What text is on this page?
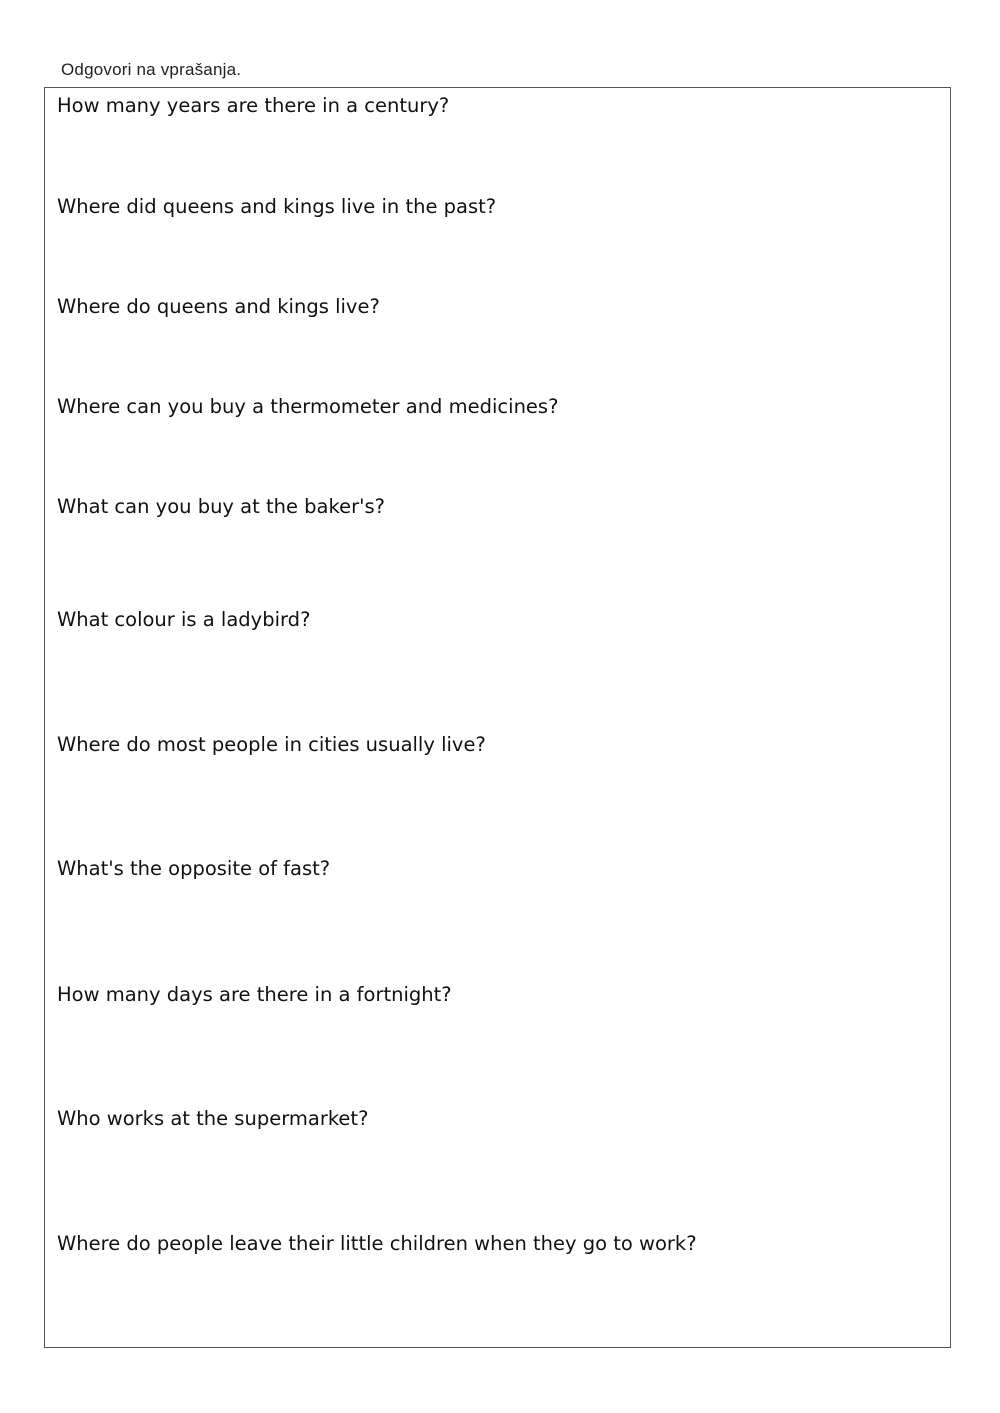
Odgovori na vprašanja.
How many years are there in a century?
Where did queens and kings live in the past?
Where do queens and kings live?
Where can you buy a thermometer and medicines?
What can you buy at the baker's?
What colour is a ladybird?
Where do most people in cities usually live?
What's the opposite of fast?
How many days are there in a fortnight?
Who works at the supermarket?
Where do people leave their little children when they go to work?
